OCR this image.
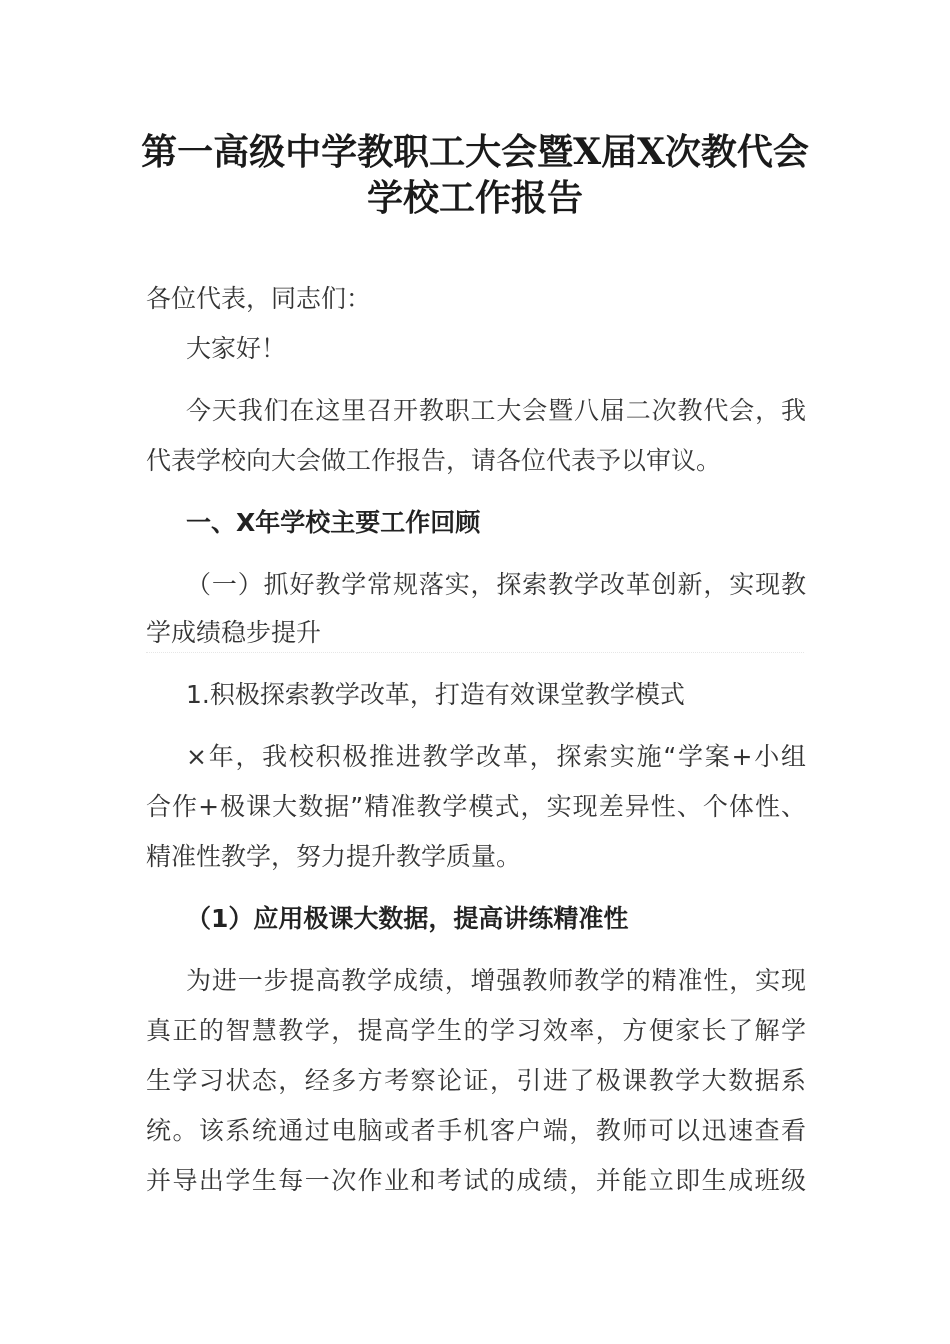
第一高级中学教职工大会暨Ⅹ届Ⅹ次教代会
学校工作报告
各位代表，同志们：
大家好！
今天我们在这里召开教职工大会暨八届二次教代会，我
代表学校向大会做工作报告，请各位代表予以审议。
一、X年学校主要工作回顾
（一）抓好教学常规落实，探索教学改革创新，实现教
学成绩稳步提升
1.积极探索教学改革，打造有效课堂教学模式
×年，我校积极推进教学改革，探索实施“学案+小组
合作+极课大数据”精准教学模式，实现差异性、个体性、
精准性教学，努力提升教学质量。
（1）应用极课大数据，提高讲练精准性
为进一步提高教学成绩，增强教师教学的精准性，实现
真正的智慧教学，提高学生的学习效率，方便家长了解学
生学习状态，经多方考察论证，引进了极课教学大数据系
统。该系统通过电脑或者手机客户端，教师可以迅速查看
并导出学生每一次作业和考试的成绩，并能立即生成班级
